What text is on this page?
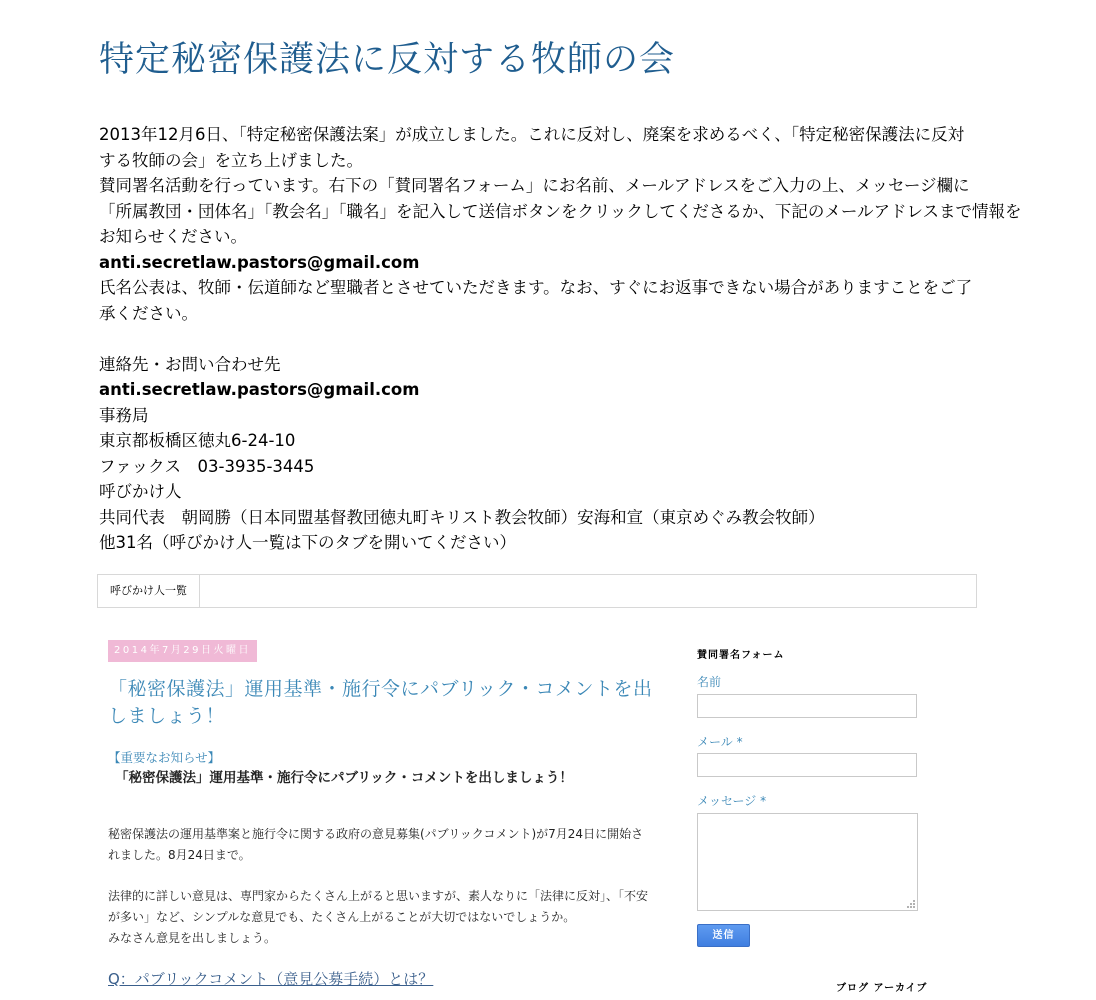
特定秘密保護法に反対する牧師の会
2013年12月6日、「特定秘密保護法案」が成立しました。これに反対し、廃案を求めるべく、「特定秘密保護法に反対
する牧師の会」を立ち上げました。
賛同署名活動を行っています。右下の「賛同署名フォーム」にお名前、メールアドレスをご入力の上、メッセージ欄に
「所属教団・団体名」「教会名」「職名」を記入して送信ボタンをクリックしてくださるか、下記のメールアドレスまで情報を
お知らせください。
anti.secretlaw.pastors@gmail.com
氏名公表は、牧師・伝道師など聖職者とさせていただきます。なお、すぐにお返事できない場合がありますことをご了
承ください。
連絡先・お問い合わせ先
anti.secretlaw.pastors@gmail.com
事務局
東京都板橋区徳丸6-24-10
ファックス　03-3935-3445
呼びかけ人
共同代表　朝岡勝（日本同盟基督教団徳丸町キリスト教会牧師）安海和宣（東京めぐみ教会牧師）
他31名（呼びかけ人一覧は下のタブを開いてください）
呼びかけ人一覧
2014年7月29日火曜日
「秘密保護法」運用基準・施行令にパブリック・コメントを出しましょう！
【重要なお知らせ】
「秘密保護法」運用基準・施行令にパブリック・コメントを出しましょう！
秘密保護法の運用基準案と施行令に関する政府の意見募集(パブリックコメント)が7月24日に開始さ
れました。8月24日まで。
法律的に詳しい意見は、専門家からたくさん上がると思いますが、素人なりに「法律に反対」、「不安
が多い」など、シンプルな意見でも、たくさん上がることが大切ではないでしょうか。
みなさん意見を出しましょう。
Q：パブリックコメント（意見公募手続）とは？
賛同署名フォーム
名前
メール *
メッセージ *
送信
ブログ アーカイブ
